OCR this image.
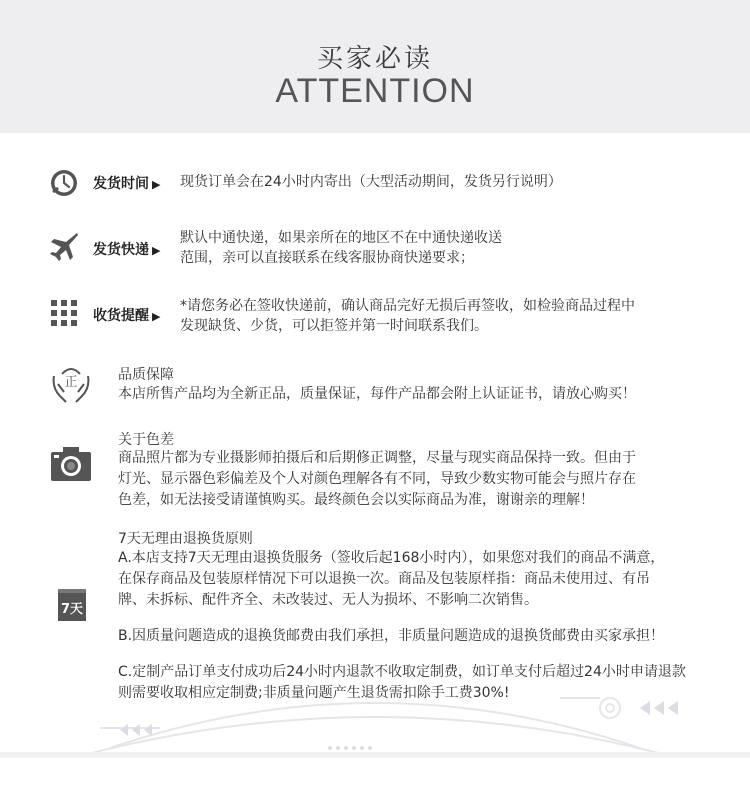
买家必读
ATTENTION
发货时间 ▶ 现货订单会在24小时内寄出（大型活动期间，发货另行说明）
发货快递 ▶
默认中通快递，如果亲所在的地区不在中通快递收送
范围，亲可以直接联系在线客服协商快递要求；
收货提醒 ▶
*请您务必在签收快递前，确认商品完好无损后再签收，如检验商品过程中
发现缺货、少货，可以拒签并第一时间联系我们。
正	品质保障
本店所售产品均为全新正品，质量保证，每件产品都会附上认证证书，请放心购买！
关于色差
商品照片都为专业摄影师拍摄后和后期修正调整，尽量与现实商品保持一致。但由于
灯光、显示器色彩偏差及个人对颜色理解各有不同，导致少数实物可能会与照片存在
色差，如无法接受请谨慎购买。最终颜色会以实际商品为准，谢谢亲的理解！
7天
7天无理由退换货原则
A.本店支持7天无理由退换货服务（签收后起168小时内），如果您对我们的商品不满意，
在保存商品及包装原样情况下可以退换一次。商品及包装原样指：商品未使用过、有吊
牌、未拆标、配件齐全、未改装过、无人为损坏、不影响二次销售。
B.因质量问题造成的退换货邮费由我们承担，非质量问题造成的退换货邮费由买家承担！
C.定制产品订单支付成功后24小时内退款不收取定制费，如订单支付后超过24小时申请退款
则需要收取相应定制费;非质量问题产生退货需扣除手工费30%!
